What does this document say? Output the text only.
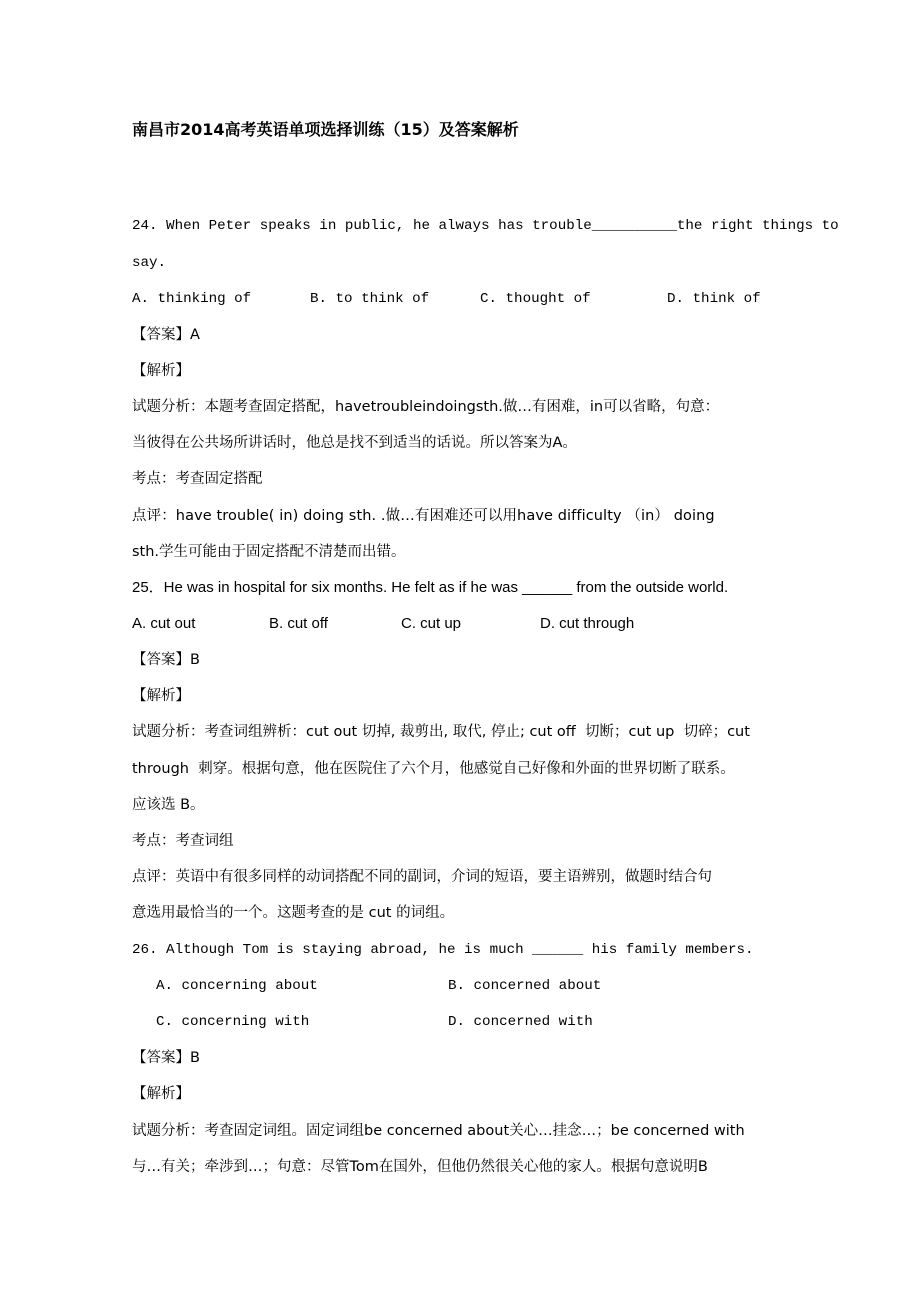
南昌市2014高考英语单项选择训练（15）及答案解析
24. When Peter speaks in public, he always has trouble__________the right things to
say.
A. thinking of	B. to think of	C. thought of	D. think of
【答案】A
【解析】
试题分析：本题考查固定搭配，havetroubleindoingsth.做…有困难，in可以省略，句意：
当彼得在公共场所讲话时，他总是找不到适当的话说。所以答案为A。
考点：考查固定搭配
点评：have trouble( in) doing sth. .做…有困难还可以用have difficulty （in） doing
sth.学生可能由于固定搭配不清楚而出错。
25．He was in hospital for six months. He felt as if he was ______ from the outside world.
A. cut out	B. cut off	C. cut up	D. cut through
【答案】B
【解析】
试题分析：考查词组辨析：cut out 切掉, 裁剪出, 取代, 停止; cut off  切断；cut up  切碎；cut
through  刺穿。根据句意，他在医院住了六个月，他感觉自己好像和外面的世界切断了联系。
应该选 B。
考点：考查词组
点评：英语中有很多同样的动词搭配不同的副词，介词的短语，要主语辨别，做题时结合句
意选用最恰当的一个。这题考查的是 cut 的词组。
26. Although Tom is staying abroad, he is much ______ his family members.
A. concerning about	B. concerned about
C. concerning with	D. concerned with
【答案】B
【解析】
试题分析：考查固定词组。固定词组be concerned about关心…挂念…；be concerned with
与…有关；牵涉到…；句意：尽管Tom在国外，但他仍然很关心他的家人。根据句意说明B
